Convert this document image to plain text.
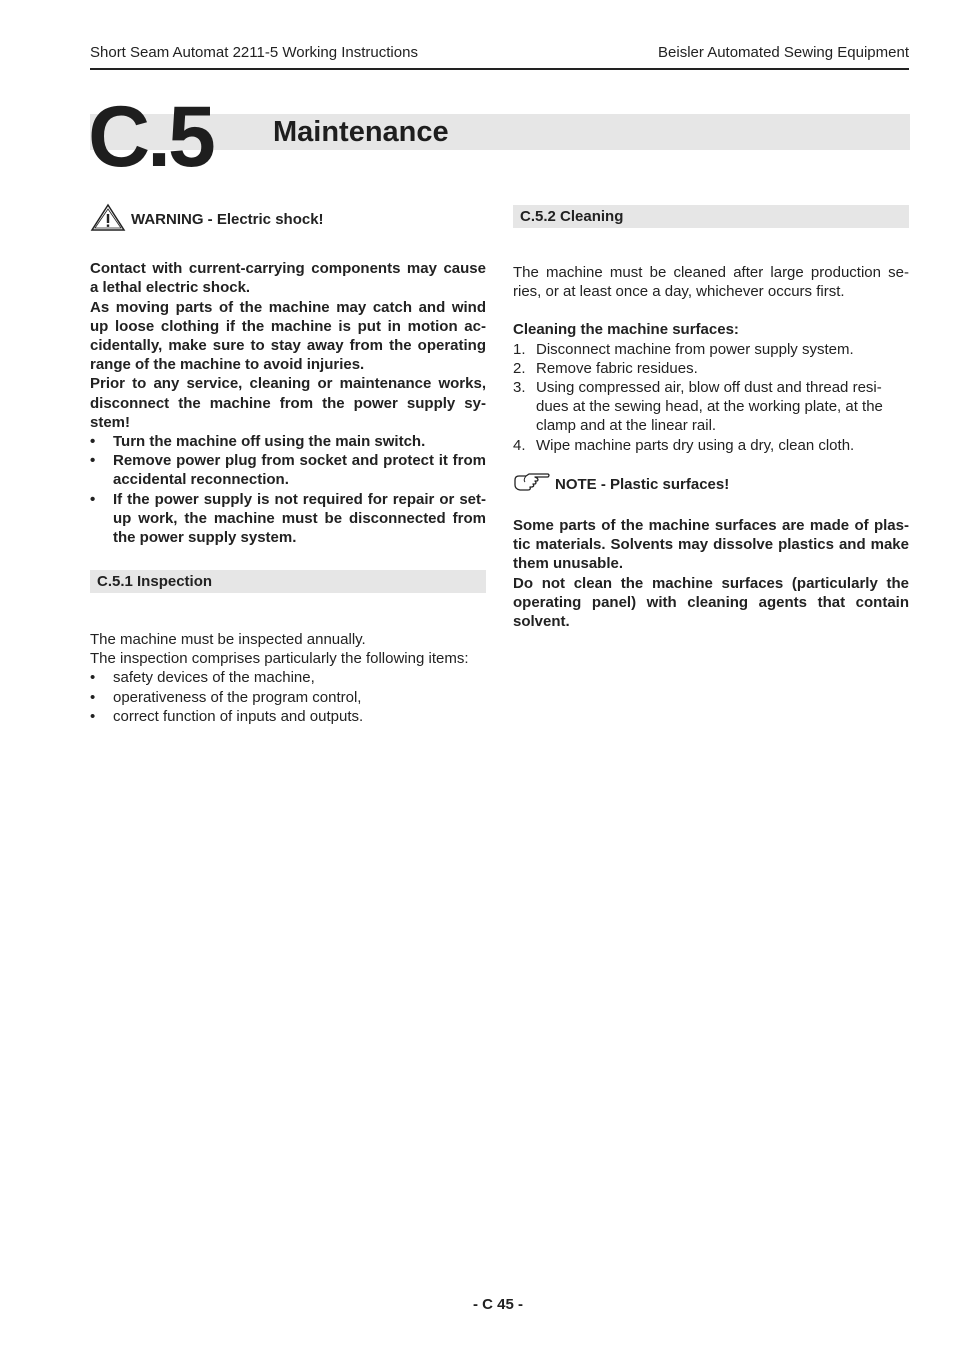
Short Seam Automat 2211-5 Working Instructions	Beisler Automated Sewing Equipment
C.5 Maintenance
WARNING - Electric shock!

Contact with current-carrying components may cause a lethal electric shock.

As moving parts of the machine may catch and wind up loose clothing if the machine is put in motion ac-cidentally, make sure to stay away from the operating range of the machine to avoid injuries.

Prior to any service, cleaning or maintenance works, disconnect the machine from the power supply sy-stem!

• Turn the machine off using the main switch.
• Remove power plug from socket and protect it from accidental reconnection.
• If the power supply is not required for repair or set-up work, the machine must be disconnected from the power supply system.
C.5.1 Inspection

The machine must be inspected annually.

The inspection comprises particularly the following items:

• safety devices of the machine,
• operativeness of the program control,
• correct function of inputs and outputs.
C.5.2 Cleaning

The machine must be cleaned after large production se-ries, or at least once a day, whichever occurs first.

Cleaning the machine surfaces:

1. Disconnect machine from power supply system.
2. Remove fabric residues.
3. Using compressed air, blow off dust and thread resi-dues at the sewing head, at the working plate, at the clamp and at the linear rail.
4. Wipe machine parts dry using a dry, clean cloth.
NOTE - Plastic surfaces!

Some parts of the machine surfaces are made of plas-tic materials. Solvents may dissolve plastics and make them unusable.

Do not clean the machine surfaces (particularly the operating panel) with cleaning agents that contain solvent.

- C 45 -
